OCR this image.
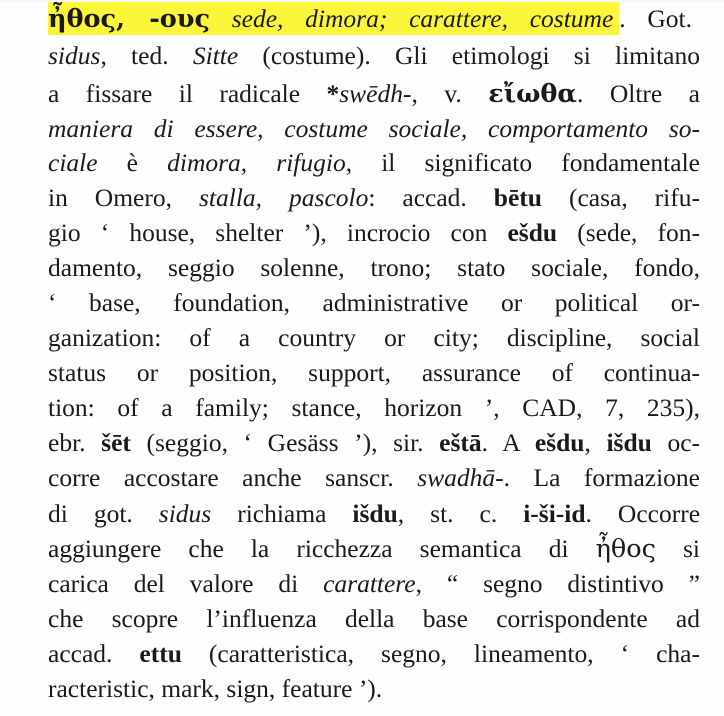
ἦθος, -ους sede, dimora; carattere, costume . Got.
sidus, ted. Sitte (costume). Gli etimologi si limitano
a fissare il radicale *swēdh-, v. εἴωθα. Oltre a
maniera di essere, costume sociale, comportamento so-
ciale è dimora, rifugio, il significato fondamentale
in Omero, stalla, pascolo: accad. bētu (casa, rifu-
gio ‘ house, shelter ’), incrocio con ešdu (sede, fon-
damento, seggio solenne, trono; stato sociale, fondo,
‘ base, foundation, administrative or political or-
ganization: of a country or city; discipline, social
status or position, support, assurance of continua-
tion: of a family; stance, horizon ’, CAD, 7, 235),
ebr. šēt (seggio, ‘ Gesäss ’), sir. eštā. A ešdu, išdu oc-
corre accostare anche sanscr. swadhā-. La formazione
di got. sidus richiama išdu, st. c. i-ši-id. Occorre
aggiungere che la ricchezza semantica di ἦθος si
carica del valore di carattere, “ segno distintivo ”
che scopre l’influenza della base corrispondente ad
accad. ettu (caratteristica, segno, lineamento, ‘ cha-
racteristic, mark, sign, feature ’).
